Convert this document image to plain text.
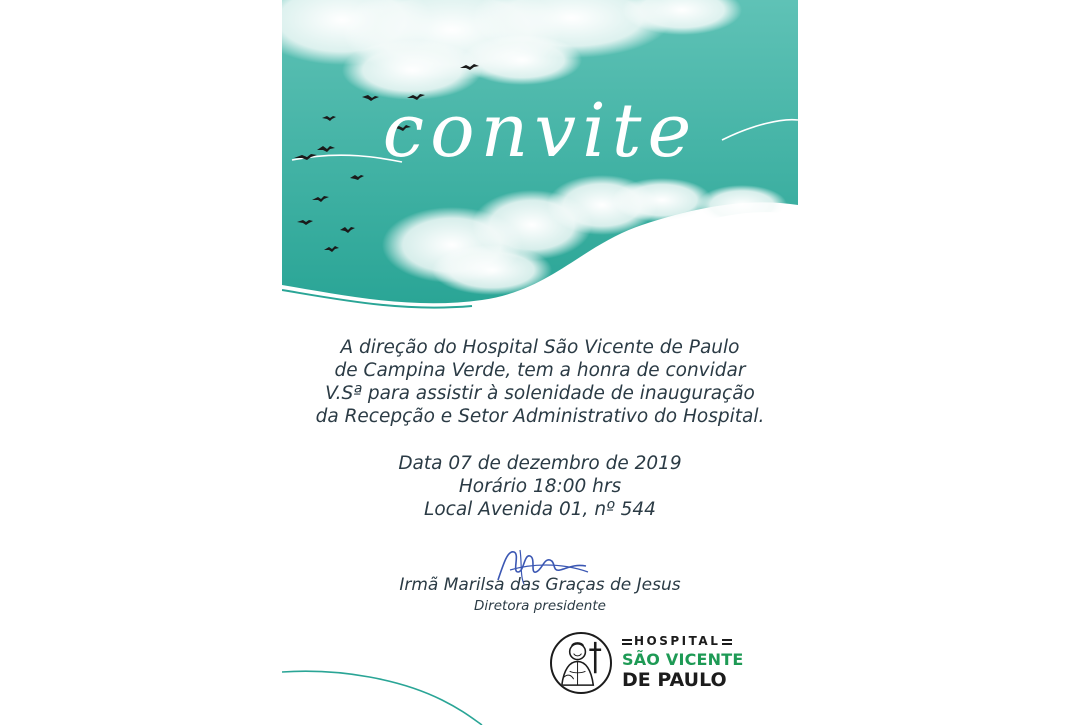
convite
A direção do Hospital São Vicente de Paulo
de Campina Verde, tem a honra de convidar
V.Sª para assistir à solenidade de inauguração
da Recepção e Setor Administrativo do Hospital.
Data 07 de dezembro de 2019
Horário 18:00 hrs
Local Avenida 01, nº 544
Irmã Marilsa das Graças de Jesus
Diretora presidente
HOSPITAL
SÃO VICENTE
DE PAULO
